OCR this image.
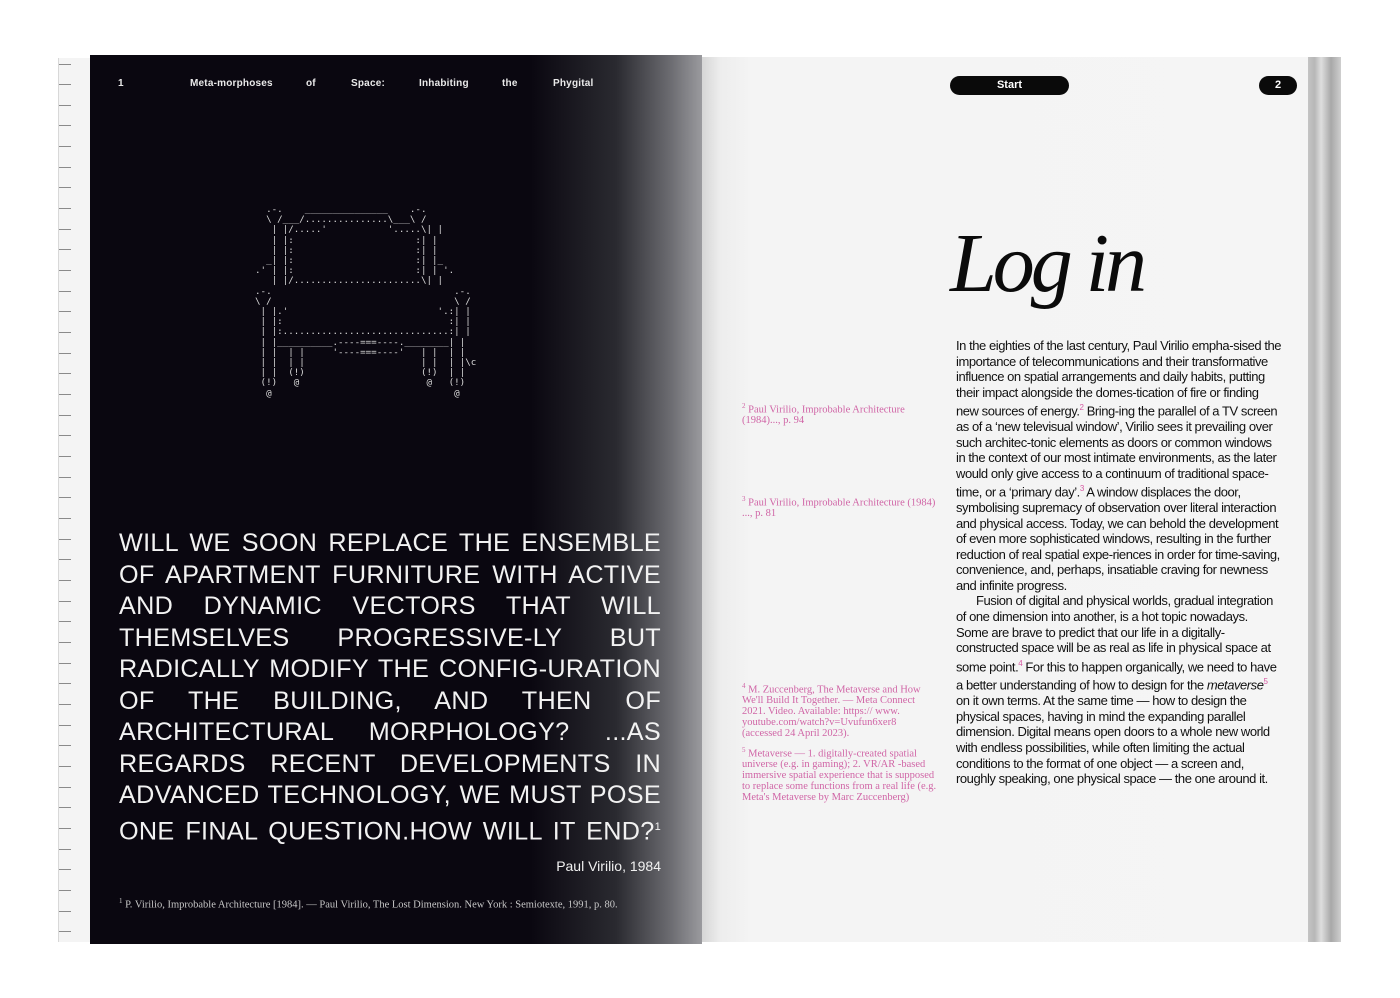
1	Meta-morphoses	of	Space:	Inhabiting	the	Phygital
.-.    _______________    .-.
\ /___/...............\___\ /
| |/.....'           '.....\| |
| |:                      :| |
| |:                      :| |
_| |:                      :| |_
.' | |:                      :| | '.
| |/.......................\| |
.-.                                 .-.
\ /                                 \ /
| |.'                           '.:| |
| |:                              :| |
| |:..............................:| |
| |__________.----===----.________| |
| |  | |     '----===----'   | |  | |
| |  | |                     | |  | |\c
| |  (!)                     (!)  | |
(!)   @                       @   (!)
@                                 @

WILL WE SOON REPLACE THE ENSEMBLE OF APARTMENT FURNITURE WITH ACTIVE AND DYNAMIC VECTORS THAT WILL THEMSELVES PROGRESSIVE-LY BUT RADICALLY MODIFY THE CONFIG-URATION OF THE BUILDING, AND THEN OF ARCHITECTURAL MORPHOLOGY? ...AS REGARDS RECENT DEVELOPMENTS IN ADVANCED TECHNOLOGY, WE MUST POSE ONE FINAL QUESTION.HOW WILL IT END?$^1$

Paul Virilio, 1984
$^1$ P. Virilio, Improbable Architecture [1984]. — Paul Virilio, The Lost Dimension. New York : Semiotexte, 1991, p. 80.
Start	2
Log in
$^2$ Paul Virilio, Improbable Architecture (1984)..., p. 94
$^3$ Paul Virilio, Improbable Architecture (1984) ..., p. 81
$^4$ M. Zuccenberg, The Metaverse and How We'll Build It Together. — Meta Connect 2021. Video. Available: https:// www. youtube.com/watch?v=Uvufun6xer8 (accessed 24 April 2023).
$^5$ Metaverse — 1. digitally-created spatial universe (e.g. in gaming); 2. VR/AR -based immersive spatial experience that is supposed to replace some functions from a real life (e.g. Meta's Metaverse by Marc Zuccenberg)

In the eighties of the last century, Paul Virilio empha-sised the importance of telecommunications and their transformative influence on spatial arrangements and daily habits, putting their impact alongside the domes-tication of fire or finding new sources of energy.$^2$ Bring-ing the parallel of a TV screen as of a ‘new televisual window’, Virilio sees it prevailing over such architec-tonic elements as doors or common windows in the context of our most intimate environments, as the later would only give access to a continuum of traditional space-time, or a ‘primary day’.$^3$ A window displaces the door, symbolising supremacy of observation over literal interaction and physical access. Today, we can behold the development of even more sophisticated windows, resulting in the further reduction of real spatial expe-riences in order for time-saving, convenience, and, perhaps, insatiable craving for newness and infinite progress.

Fusion of digital and physical worlds, gradual integration of one dimension into another, is a hot topic nowadays. Some are brave to predict that our life in a digitally-constructed space will be as real as life in physical space at some point.$^4$ For this to happen organically, we need to have a better understanding of how to design for the metaverse$^5$ on it own terms. At the same time — how to design the physical spaces, having in mind the expanding parallel dimension. Digital means open doors to a whole new world with endless possibilities, while often limiting the actual conditions to the format of one object — a screen and, roughly speaking, one physical space — the one around it.
